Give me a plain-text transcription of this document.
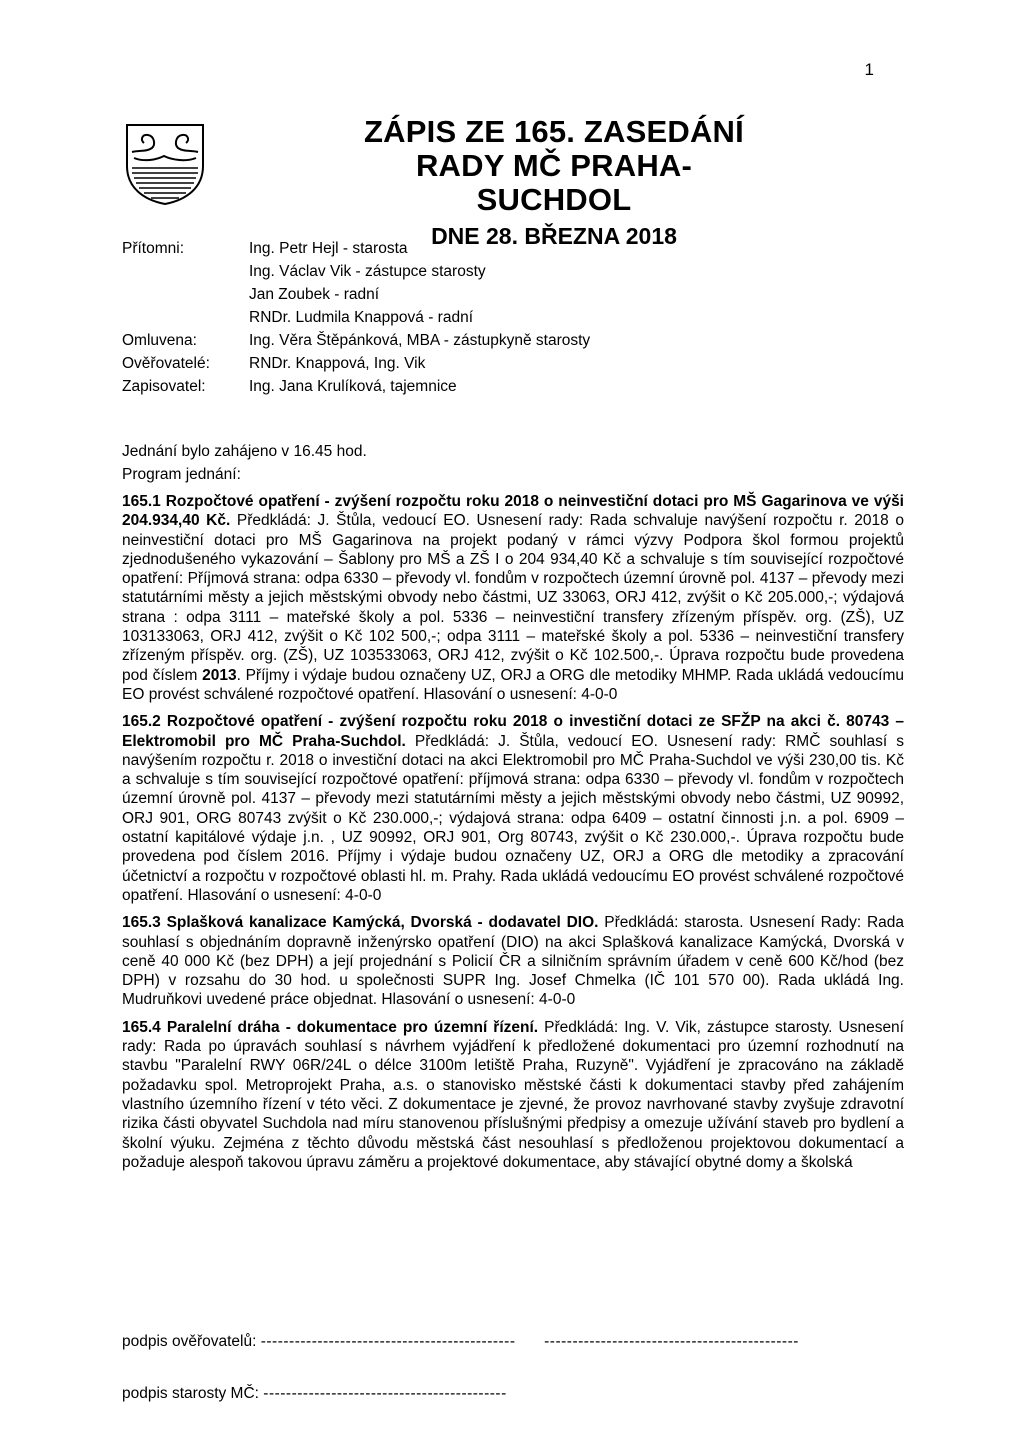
1
ZÁPIS ZE 165. ZASEDÁNÍ
RADY MČ PRAHA-SUCHDOL
DNE 28. BŘEZNA 2018
Přítomni:	Ing. Petr Hejl - starosta
Ing. Václav Vik - zástupce starosty
Jan Zoubek - radní
RNDr. Ludmila Knappová - radní
Omluvena:	Ing. Věra Štěpánková, MBA - zástupkyně starosty
Ověřovatelé:	RNDr. Knappová, Ing. Vik
Zapisovatel:	Ing. Jana Krulíková, tajemnice
Jednání bylo zahájeno v 16.45 hod.
Program jednání:

165.1 Rozpočtové opatření - zvýšení rozpočtu roku 2018 o neinvestiční dotaci pro MŠ Gagarinova ve výši 204.934,40 Kč. Předkládá: J. Štůla, vedoucí EO. Usnesení rady: Rada schvaluje navýšení rozpočtu r. 2018 o neinvestiční dotaci pro MŠ Gagarinova na projekt podaný v rámci výzvy Podpora škol formou projektů zjednodušeného vykazování – Šablony pro MŠ a ZŠ I o 204 934,40 Kč a schvaluje s tím související rozpočtové opatření: Příjmová strana: odpa 6330 – převody vl. fondům v rozpočtech územní úrovně pol. 4137 – převody mezi statutárními městy a jejich městskými obvody nebo částmi, UZ 33063, ORJ 412, zvýšit o Kč 205.000,-; výdajová strana : odpa 3111 – mateřské školy a pol. 5336 – neinvestiční transfery zřízeným příspěv. org. (ZŠ), UZ 103133063, ORJ 412, zvýšit o Kč 102 500,-; odpa 3111 – mateřské školy a pol. 5336 – neinvestiční transfery zřízeným příspěv. org. (ZŠ), UZ 103533063, ORJ 412, zvýšit o Kč 102.500,-. Úprava rozpočtu bude provedena pod číslem 2013. Příjmy i výdaje budou označeny UZ, ORJ a ORG dle metodiky MHMP. Rada ukládá vedoucímu EO provést schválené rozpočtové opatření. Hlasování o usnesení: 4-0-0

165.2 Rozpočtové opatření - zvýšení rozpočtu roku 2018 o investiční dotaci ze SFŽP na akci č. 80743 – Elektromobil pro MČ Praha-Suchdol. Předkládá: J. Štůla, vedoucí EO. Usnesení rady: RMČ souhlasí s navýšením rozpočtu r. 2018 o investiční dotaci na akci Elektromobil pro MČ Praha-Suchdol ve výši 230,00 tis. Kč a schvaluje s tím související rozpočtové opatření: příjmová strana: odpa 6330 – převody vl. fondům v rozpočtech územní úrovně pol. 4137 – převody mezi statutárními městy a jejich městskými obvody nebo částmi, UZ 90992, ORJ 901, ORG 80743 zvýšit o Kč 230.000,-; výdajová strana: odpa 6409 – ostatní činnosti j.n. a pol. 6909 – ostatní kapitálové výdaje j.n. , UZ 90992, ORJ 901, Org 80743, zvýšit o Kč 230.000,-. Úprava rozpočtu bude provedena pod číslem 2016. Příjmy i výdaje budou označeny UZ, ORJ a ORG dle metodiky a zpracování účetnictví a rozpočtu v rozpočtové oblasti hl. m. Prahy. Rada ukládá vedoucímu EO provést schválené rozpočtové opatření. Hlasování o usnesení: 4-0-0

165.3 Splašková kanalizace Kamýcká, Dvorská - dodavatel DIO. Předkládá: starosta. Usnesení Rady: Rada souhlasí s objednáním dopravně inženýrsko opatření (DIO) na akci Splašková kanalizace Kamýcká, Dvorská v ceně 40 000 Kč (bez DPH) a její projednání s Policií ČR a silničním správním úřadem v ceně 600 Kč/hod (bez DPH) v rozsahu do 30 hod. u společnosti SUPR Ing. Josef Chmelka (IČ 101 570 00). Rada ukládá Ing. Mudruňkovi uvedené práce objednat. Hlasování o usnesení: 4-0-0

165.4 Paralelní dráha - dokumentace pro územní řízení. Předkládá: Ing. V. Vik, zástupce starosty. Usnesení rady: Rada po úpravách souhlasí s návrhem vyjádření k předložené dokumentaci pro územní rozhodnutí na stavbu "Paralelní RWY 06R/24L o délce 3100m letiště Praha, Ruzyně". Vyjádření je zpracováno na základě požadavku spol. Metroprojekt Praha, a.s. o stanovisko městské části k dokumentaci stavby před zahájením vlastního územního řízení v této věci. Z dokumentace je zjevné, že provoz navrhované stavby zvyšuje zdravotní rizika části obyvatel Suchdola nad míru stanovenou příslušnými předpisy a omezuje užívání staveb pro bydlení a školní výuku. Zejména z těchto důvodu městská část nesouhlasí s předloženou projektovou dokumentací a požaduje alespoň takovou úpravu záměru a projektové dokumentace, aby stávající obytné domy a školská

podpis ověřovatelů: --------------------------------------------- ---------------------------------------------
podpis starosty MČ: -------------------------------------------
